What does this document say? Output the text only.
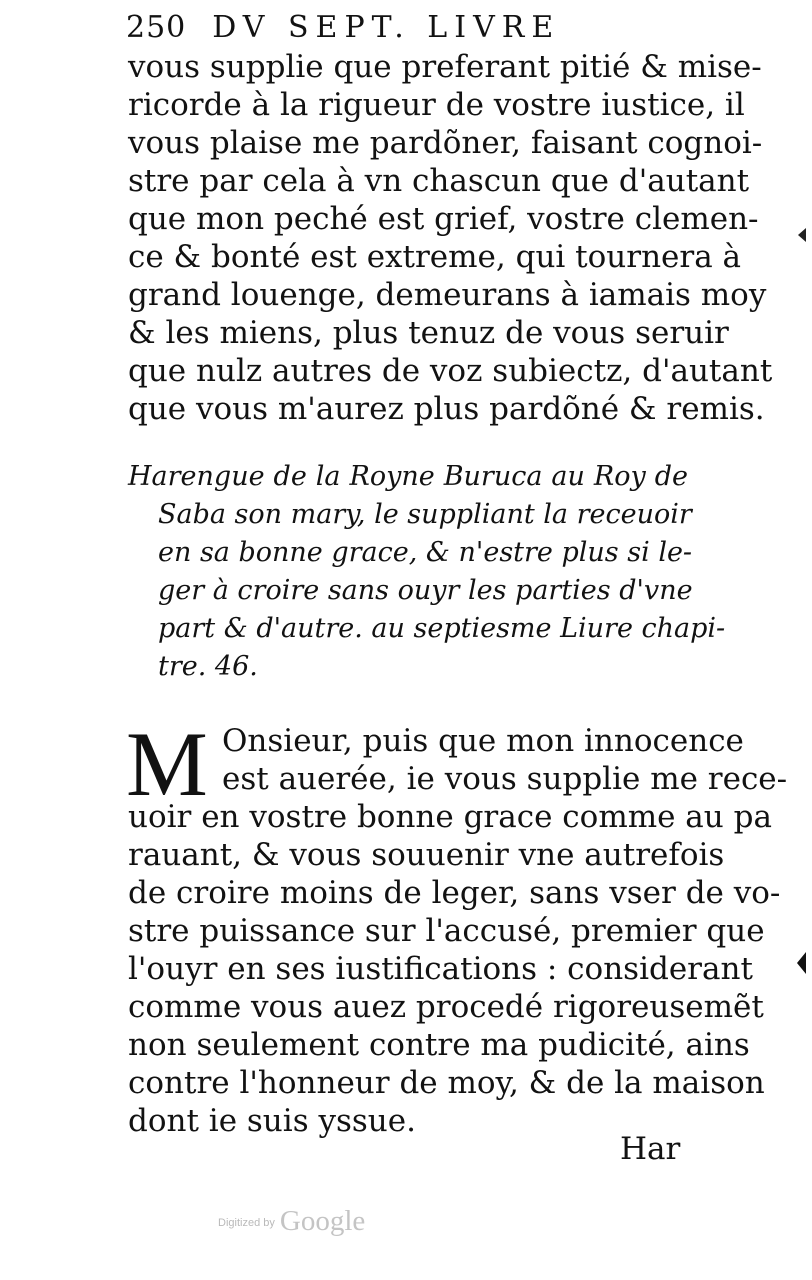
250 DV SEPT. LIVRE
vous supplie que preferant pitié & mise-
ricorde à la rigueur de vostre iustice, il
vous plaise me pardõner, faisant cognoi-
stre par cela à vn chascun que d'autant
que mon peché est grief, vostre clemen-
ce & bonté est extreme, qui tournera à
grand louenge, demeurans à iamais moy
& les miens, plus tenuz de vous seruir
que nulz autres de voz subiectz, d'autant
que vous m'aurez plus pardõné & remis.
Harengue de la Royne Buruca au Roy de
Saba son mary, le suppliant la receuoir
en sa bonne grace, & n'estre plus si le-
ger à croire sans ouyr les parties d'vne
part & d'autre. au septiesme Liure chapi-
tre. 46.
M Onsieur, puis que mon innocence
est auerée, ie vous supplie me rece-
uoir en vostre bonne grace comme au pa
rauant, & vous souuenir vne autrefois
de croire moins de leger, sans vser de vo-
stre puissance sur l'accusé, premier que
l'ouyr en ses iustifications : considerant
comme vous auez procedé rigoreusemẽt
non seulement contre ma pudicité, ains
contre l'honneur de moy, & de la maison
dont ie suis yssue.
Har
Digitized by Google
